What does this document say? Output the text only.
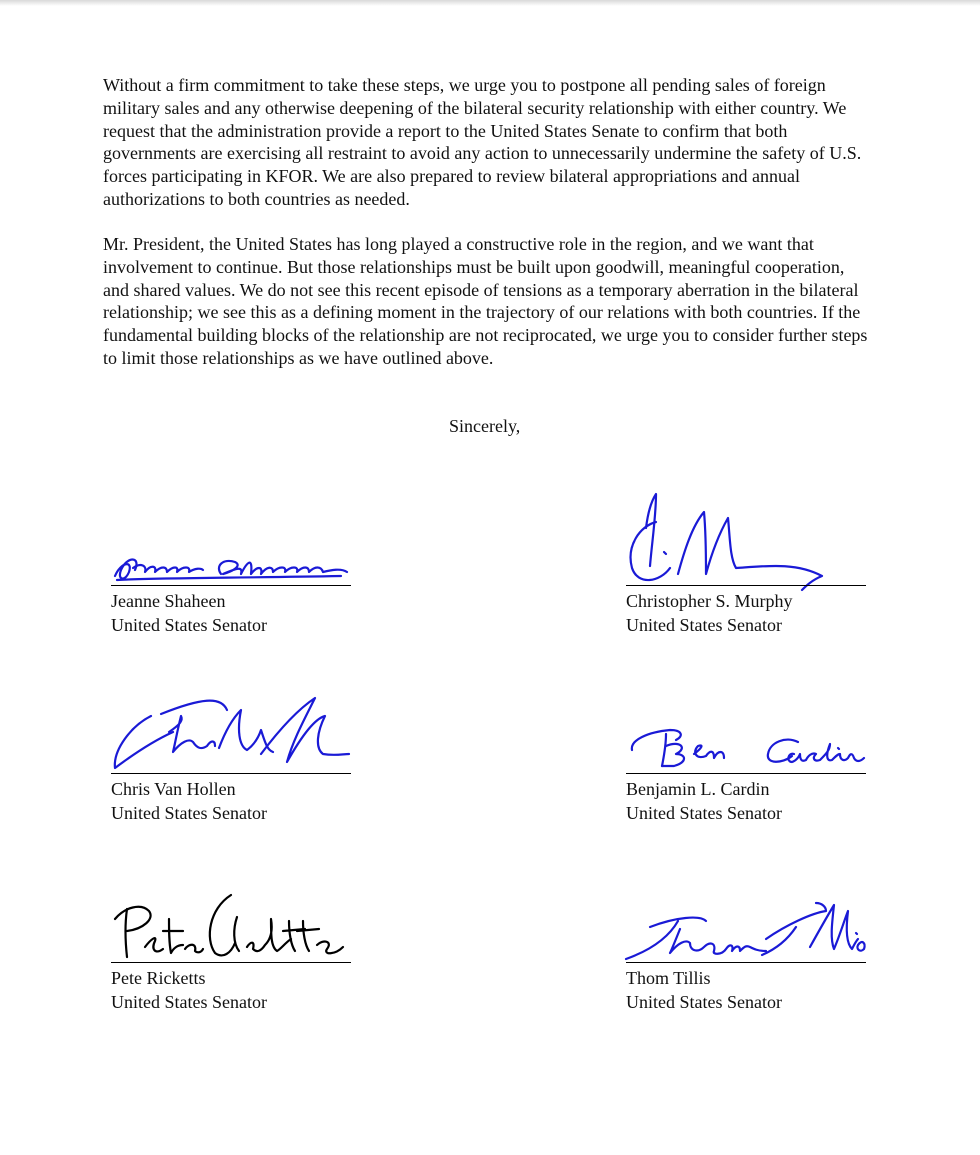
Without a firm commitment to take these steps, we urge you to postpone all pending sales of foreign military sales and any otherwise deepening of the bilateral security relationship with either country. We request that the administration provide a report to the United States Senate to confirm that both governments are exercising all restraint to avoid any action to unnecessarily undermine the safety of U.S. forces participating in KFOR. We are also prepared to review bilateral appropriations and annual authorizations to both countries as needed.

Mr. President, the United States has long played a constructive role in the region, and we want that involvement to continue. But those relationships must be built upon goodwill, meaningful cooperation, and shared values. We do not see this recent episode of tensions as a temporary aberration in the bilateral relationship; we see this as a defining moment in the trajectory of our relations with both countries. If the fundamental building blocks of the relationship are not reciprocated, we urge you to consider further steps to limit those relationships as we have outlined above.

Sincerely,
Jeanne Shaheen
United States Senator
Christopher S. Murphy
United States Senator
Chris Van Hollen
United States Senator
Benjamin L. Cardin
United States Senator
Pete Ricketts
United States Senator
Thom Tillis
United States Senator
